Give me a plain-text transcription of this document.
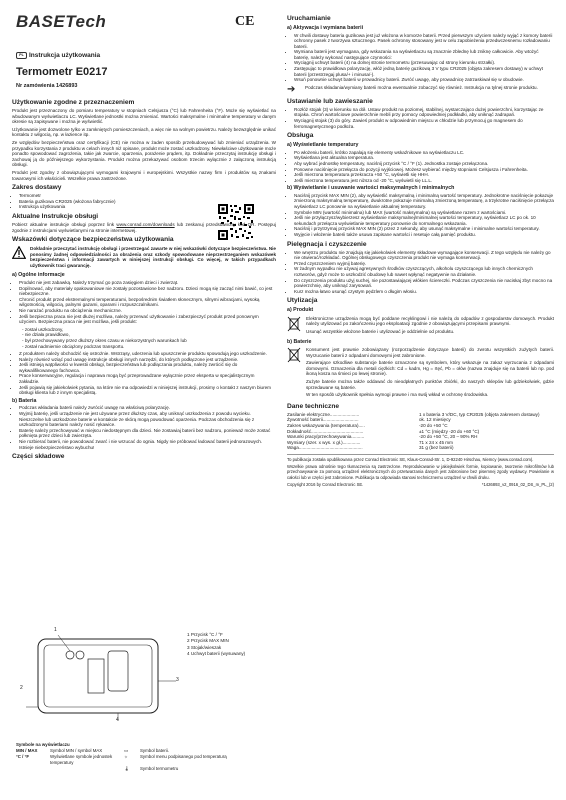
BASETech	CE
PL Instrukcja użytkowania
Termometr E0217
Nr zamówienia 1426893
Użytkowanie zgodne z przeznaczeniem

Produkt jest przeznaczony do pomiaru temperatury w stopniach Celsjusza (°C) lub Fahrenheita (°F). Może się wyświetlać na wbudowanym wyświetlaczu LC. Wyświetlane jednostki można zmieniać. Wartości maksymalne i minimalne temperatury w danym okresie są zapisywane i można je wyświetlić.

Użytkowanie jest dozwolone tylko w zamkniętych pomieszczeniach, a więc nie na wolnym powietrzu. Należy bezwzględnie unikać kontaktu z wilgocią, np. w łazience itp.

Ze względów bezpieczeństwa oraz certyfikacji (CE) nie można w żaden sposób przebudowywać lub zmieniać urządzenia. W przypadku korzystania z produktu w celach innych niż opisane, produkt może zostać uszkodzony. Niewłaściwe użytkowanie może ponadto spowodować zagrożenia, takie jak zwarcie, oparzenia, porażenie prądem, itp. Dokładnie przeczytaj instrukcję obsługi i zachowaj ją do późniejszego wykorzystania. Produkt można przekazywać osobom trzecim wyłącznie z załączoną instrukcją obsługi.

Produkt jest zgodny z obowiązującymi wymogami krajowymi i europejskimi. Wszystkie nazwy firm i produktów są znakami towarowymi ich właścicieli. Wszelkie prawa zastrzeżone.

Zakres dostawy
• Termometr
• Bateria guzikowa CR2025 (włożona fabrycznie)
• Instrukcja użytkowania
Aktualne Instrukcje obsługi

Pobierz aktualne instrukcje obsługi poprzez link www.conrad.com/downloads lub zeskanuj przedstawiony kod QR. Postępuj zgodnie z instrukcjami wyświetlanymi na stronie internetowej.

Wskazówki dotyczące bezpieczeństwa użytkowania

Dokładnie przeczytać instrukcję obsługi i przestrzegać zawarte w niej wskazówki dotyczące bezpieczeństwa. Nie ponosimy żadnej odpowiedzialności za obrażenia oraz szkody spowodowane nieprzestrzeganiem wskazówek bezpieczeństwa i informacji zawartych w niniejszej instrukcji obsługi. Co więcej, w takich przypadkach użytkownik traci gwarancję.

a) Ogólne informacje
• Produkt nie jest zabawką. Należy trzymać go poza zasięgiem dzieci i zwierząt.
• Dopilnować, aby materiały opakowaniowe nie zostały pozostawione bez nadzoru. Dzieci mogą się zacząć nimi bawić, co jest niebezpieczne.
• Chronić produkt przed ekstremalnymi temperaturami, bezpośrednim światłem słonecznym, silnymi wibracjami, wysoką wilgotnością, wilgocią, palnymi gazami, oparami i rozpuszczalnikami.
• Nie narażać produktu na obciążenia mechaniczne.
• Jeśli bezpieczna praca nie jest dłużej możliwa, należy przerwać użytkowanie i zabezpieczyć produkt przed ponownym użyciem. Bezpieczna praca nie jest możliwa, jeśli produkt:
- został uszkodzony,
- nie działa prawidłowo,
- był przechowywany przez dłuższy okres czasu w niekorzystnych warunkach lub
- został nadmiernie obciążony podczas transportu.
• Z produktem należy obchodzić się ostrożnie. Wstrząsy, uderzenia lub upuszczenie produktu spowodują jego uszkodzenie.
• Należy również wziąć pod uwagę instrukcje obsługi innych narzędzi, do których podłączone jest urządzenie.
• Jeśli istnieją wątpliwości w kwestii obsługi, bezpieczeństwa lub podłączania produktu, należy zwrócić się do wykwalifikowanego fachowca.
• Prace konserwacyjne, regulacja i naprawa mogą być przeprowadzane wyłącznie przez eksperta w specjalistycznym zakładzie.
• Jeśli pojawią się jakiekolwiek pytania, na które nie ma odpowiedzi w niniejszej instrukcji, prosimy o kontakt z naszym biurem obsługi klienta lub z innym specjalistą.
b) Bateria
• Podczas wkładania baterii należy zwrócić uwagę na właściwą polaryzację.
• Wyjmij baterię, jeśli urządzenie nie jest używane przez dłuższy czas, aby uniknąć uszkodzenia z powodu wycieku. Nieszczelne lub uszkodzone baterie w kontakcie ze skórą mogą powodować oparzenia. Podczas obchodzenia się z uszkodzonymi bateriami należy nosić rękawice.
• Baterię należy przechowywać w miejscu niedostępnym dla dzieci. Nie zostawiaj baterii bez nadzoru, ponieważ może zostać połknięta przez dzieci lub zwierzęta.
• Nie rozbierać baterii, nie powodować zwarć i nie wrzucać do ognia. Nigdy nie próbować ładować baterii jednorazowych. Istnieje niebezpieczeństwo wybuchu!
Części składowe
1
2
3
4
1 Przycisk °C / °F
2 Przycisk MAX MIN
3 Stojak/wieszak
4 Uchwyt baterii (wysuwany)
Symbole na wyświetlaczu
MIN / MAX	Symbol MIN / symbol MAX	▭	Symbol baterii.
°C / °F	Wyświetlane symbole jednostek temperatury	☼	Symbol menu podpisanego pod temperaturą
		🌡	Symbol termometru
Uruchamianie
a) Aktywacja i wymiana baterii
• W chwili dostawy bateria guzikowa jest już włożona w komorze baterii. Przed pierwszym użyciem należy wyjąć z komory baterii ochronny pasek z tworzywa sztucznego. Pasek ochronny stosowany jest w celu zapobieżenia przedwczesnemu rozładowaniu baterii.
• Wymiana baterii jest wymagana, gdy wskazania na wyświetlaczu są znacznie zblednę lub zniknę całkowicie. Aby wtożyć baterię, należy wykonać następujące czynności:
• Wyciągnij uchwyt baterii (4) na dolnej stronie termometru (przesuwając od strony kierunku strzałki).
• Zastępując to prawidłowa polaryzację, włóż jedną baterię guzikową 3 V typu CR2025 (objęta zakresem dostawy) w uchwyt baterii (przestrzegaj plusa/+ i minusa/-).
• Wsuń ponownie uchwyt baterii w prowadnicy baterii. Zwróć uwagę, aby prowadnicę zatrzaskiwał się w obudowie.
➔	Podczas składania/wymiany baterii można ewentualnie zobaczyć się również. Instrukcja na tylnej stronie produktu.

Ustawianie lub zawieszanie
• Rozłóż stojak (3) w kierunku na dół. Ustaw produkt na poziomej, stabilnej, wystarczająco dużej powierzchni, korzystając ze stojaka. Chroń wartościowe powierzchnie mebli przy pomocy odpowiedniej podkładki, aby uniknąć zadrapań.
• Wyciągnij stojak (3) do góry. Zawieś produkt w odpowiednim miejscu w chłodzie lub przymocuj go magnesem do ferromagnetycznego podłoża.
Obsługa
a) Wyświetlanie temperatury
• Po włożeniu baterii, krótko zapalają się elementy wskaźnikowe na wyświetlaczu LC.
• Wyświetlana jest aktualna temperatura.
• Aby wybrać jednostkę temperatury, naciśnij przycisk °C / °F (1). Jednostka zostaje przełączona.
• Ponowne naciśnięcie przełącza do pozycji wyjściowej. Możesz wybierać między stopniami Celsjusza i Fahrenheita.
• Jeśli mierzona temperatura przekracza +50 °C, wyświetli się HHH.
• Jeśli mierzona temperatura jest niższa od -20 °C, wyświetli się LL.L.
b) Wyświetlanie i usuwanie wartości maksymalnych i minimalnych
• Naciśnij przycisk MAX MIN (2), aby wyświetlić maksymalną i minimalną wartość temperatury. Jednokrotne naciśnięcie pokazuje zmierzoną maksymalną temperaturę, dwukrotne pokazuje minimalną zmierzoną temperaturę, a trzykrotne naciśnięcie przełącza wyświetlacz LC ponownie na wyświetlanie aktualnej temperatury.
• Symbole MIN (wartość minimalna) lub MAX (wartość maksymalna) są wyświetlane razem z wartościami.
• Jeśli nie przyłączysz/wybierzesz wyświetlanie maksymalnej/minimalnej wartości temperatury, wyświetlacz LC po ok. 10 sekundach przełącza wyświetlanie temperatury ponownie do normalnego wskazania.
• Naciśnij i przytrzymaj przycisk MAX MIN (2) przez 2 sekundy, aby usunąć maksymalne i minimalne wartości temperatury.
• Wyjęcie i włożenie baterii także usuwa zapisane wartości i resetuje całą pamięć produktu.
Pielęgnacja i czyszczenie
• We wnętrzu produktu nie znajdują się jakiekolwiek elementy składowe wymagające konserwacji. Z tego względu nie należy go nie otwierać/rozkładać. Ogólnej obsługowego czyszczenia produkt nie wymaga konserwacji.
• Przed czyszczeniem wyjmij baterię.
• W żadnym wypadku nie używaj agresywnych środków czyszczących, alkoholu czyszczącego lub innych chemicznych roztworów, gdyż może to uszkodzić obudowę lub nawet wpłynąć negatywnie na działanie.
• Do czyszczenia produktu użyj suchej, nie pozostawiającej włókien ściereczki. Podczas czyszczenia nie naciskaj zbyt mocno na powierzchnię, aby uniknąć zarysowań.
• Kurz można łatwo usunąć czystym pędzlem o długim włosiu.
Utylizacja
a) Produkt

Elektroniczne urządzenia mogą być poddane recyklingowi i nie należą do odpadów z gospodarstw domowych. Produkt należy utylizować po zakończeniu jego eksploatacji zgodnie z obowiązującymi przepisami prawnymi.

Usunąć wszystkie włożone baterie i utylizować je oddzielnie od produktu.

b) Baterie

Konsument jest prawnie zobowiązany (rozporządzenie dotyczące baterii) do zwrotu wszystkich zużytych baterii. Wyrzucanie baterii z odpadami domowymi jest zabronione.

Zawierające szkodliwe substancje baterie oznaczone są symbolem, który wskazuje na zakaz wyrzucania z odpadami domowymi. Oznaczenia dla metali ciężkich: Cd = kadm, Hg = rtęć, Pb = ołów (nazwa znajduje się na baterii lub np. pod ikoną kosza na śmieci po lewej stronie).

Zużyte baterie można także oddawać do nieodpłatnych punktów zbiórki, do naszych sklepów lub gdziekolwiek, gdzie sprzedawane są baterie.

W ten sposób użytkownik spełnia wymogi prawne i ma swój wkład w ochronę środowiska.

Dane techniczne
Zasilanie elektryczne.......................	1 x bateria 3 V/DC, typ CR2025 (objęta zakresem dostawy)
Żywotność baterii............................	ok. 12 miesięcy
Zakres wskazywania (temperatura).....	-20 do +50 °C
Dokładność.........................................	±1 °C (między -20 do +60 °C)
Warunki pracy/przechowywania..........	-20 do +50 °C, 20 – 90% RH
Wymiary (szer. x wys. x gł.)..............	71 x 24 x 45 mm
Waga..................................................	31 g (bez baterii)

To publikacja została opublikowana przez Conrad Electronic SE, Klaus-Conrad-Str. 1, D-92240 Hirschau, Niemcy (www.conrad.com).

Wszelkie prawa odnośnie tego tłumaczenia są zastrzeżone. Reprodukowanie w jakiejkolwiek formie, kopiowanie, tworzenie mikrofilmów lub przechowywanie za pomocą urządzeń elektronicznych do przetwarzania danych jest zabronione bez pisemnej zgody wydawcy. Powielanie w całości lub w części jest zabronione. Publikacja ta odpowiada stanowi technicznemu urządzeń w chwili druku.

Copyright 2016 by Conrad Electronic SE.	*1426893_v2_0916_02_DS_m_PL_(2)
